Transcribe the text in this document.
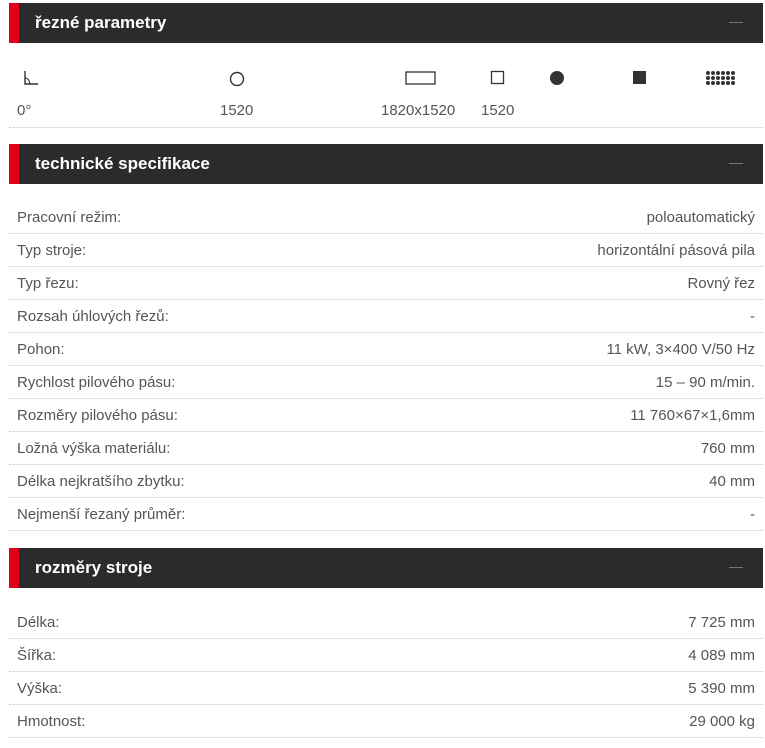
řezné parametry
0°	1520	1820x1520 1520
technické specifikace
Pracovní režim:	poloautomatický
Typ stroje:	horizontální pásová pila
Typ řezu:	Rovný řez
Rozsah úhlových řezů:	-
Pohon:	11 kW, 3×400 V/50 Hz
Rychlost pilového pásu:	15 – 90 m/min.
Rozměry pilového pásu:	11 760×67×1,6mm
Ložná výška materiálu:	760 mm
Délka nejkratšího zbytku:	40 mm
Nejmenší řezaný průměr:	-
rozměry stroje
Délka:	7 725 mm
Šířka:	4 089 mm
Výška:	5 390 mm
Hmotnost:	29 000 kg
